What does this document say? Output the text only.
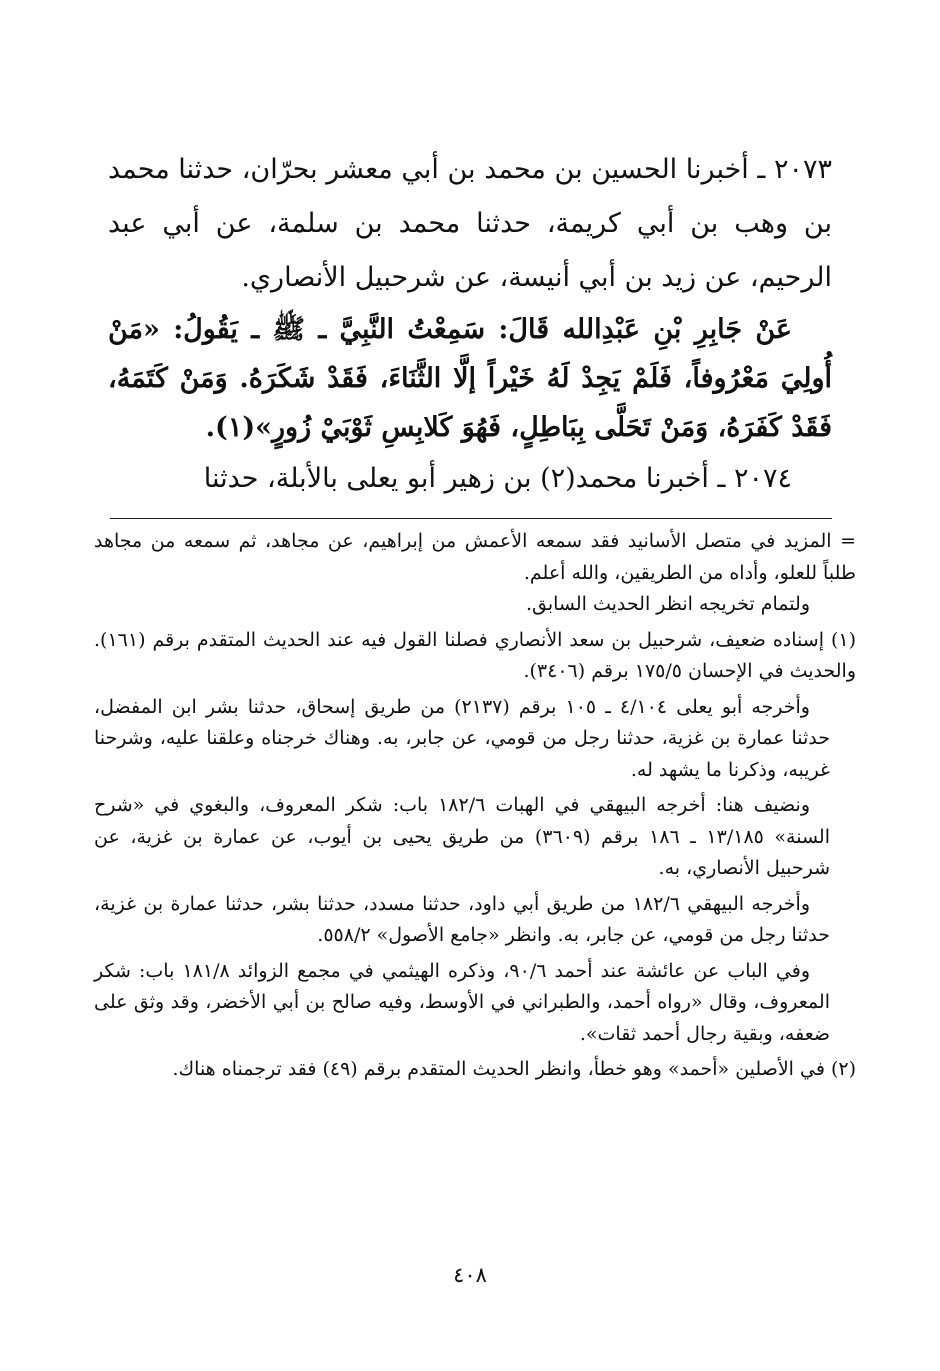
٢٠٧٣ ـ أخبرنا الحسين بن محمد بن أبي معشر بحرّان، حدثنا محمد بن وهب بن أبي كريمة، حدثنا محمد بن سلمة، عن أبي عبد الرحيم، عن زيد بن أبي أنيسة، عن شرحبيل الأنصاري.

عَنْ جَابِرِ بْنِ عَبْدِالله قَالَ: سَمِعْتُ النَّبِيَّ ـ ﷺ ـ يَقُولُ: «مَنْ أُولِيَ مَعْرُوفاً، فَلَمْ يَجِدْ لَهُ خَيْراً إلَّا الثَّنَاءَ، فَقَدْ شَكَرَهُ. وَمَنْ كَتَمَهُ، فَقَدْ كَفَرَهُ، وَمَنْ تَحَلَّى بِبَاطِلٍ، فَهُوَ كَلابِسِ ثَوْبَيْ زُورٍ»(١).

٢٠٧٤ ـ أخبرنا محمد(٢) بن زهير أبو يعلى بالأبلة، حدثنا

= المزيد في متصل الأسانيد فقد سمعه الأعمش من إبراهيم، عن مجاهد، ثم سمعه من مجاهد طلباً للعلو، وأداه من الطريقين، والله أعلم.

ولتمام تخريجه انظر الحديث السابق.

(١) إسناده ضعيف، شرحبيل بن سعد الأنصاري فصلنا القول فيه عند الحديث المتقدم برقم (١٦١). والحديث في الإحسان ١٧٥/٥ برقم (٣٤٠٦).

وأخرجه أبو يعلى ٤/١٠٤ ـ ١٠٥ برقم (٢١٣٧) من طريق إسحاق، حدثنا بشر ابن المفضل، حدثنا عمارة بن غزية، حدثنا رجل من قومي، عن جابر، به. وهناك خرجناه وعلقنا عليه، وشرحنا غريبه، وذكرنا ما يشهد له.

ونضيف هنا: أخرجه البيهقي في الهبات ١٨٢/٦ باب: شكر المعروف، والبغوي في «شرح السنة» ١٣/١٨٥ ـ ١٨٦ برقم (٣٦٠٩) من طريق يحيى بن أيوب، عن عمارة بن غزية، عن شرحبيل الأنصاري، به.

وأخرجه البيهقي ١٨٢/٦ من طريق أبي داود، حدثنا مسدد، حدثنا بشر، حدثنا عمارة بن غزية، حدثنا رجل من قومي، عن جابر، به. وانظر «جامع الأصول» ٥٥٨/٢.

وفي الباب عن عائشة عند أحمد ٩٠/٦، وذكره الهيثمي في مجمع الزوائد ١٨١/٨ باب: شكر المعروف، وقال «رواه أحمد، والطبراني في الأوسط، وفيه صالح بن أبي الأخضر، وقد وثق على ضعفه، وبقية رجال أحمد ثقات».

(٢) في الأصلين «أحمد» وهو خطأ، وانظر الحديث المتقدم برقم (٤٩) فقد ترجمناه هناك.

٤٠٨
